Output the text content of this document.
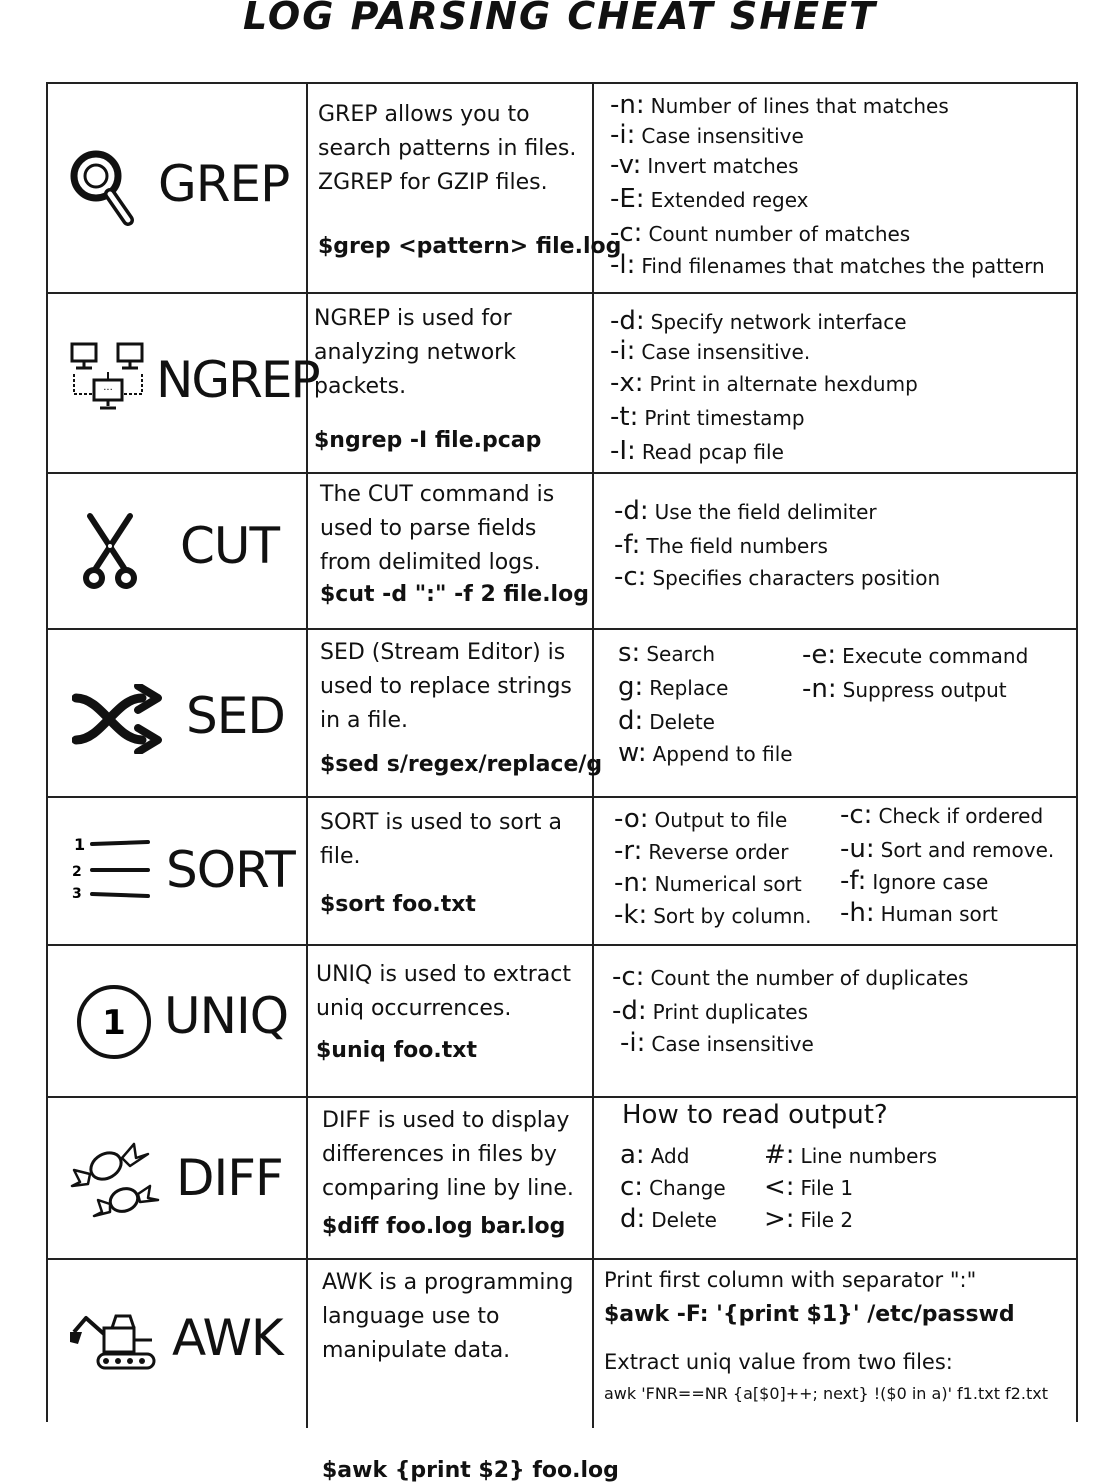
LOG PARSING CHEAT SHEET
GREP
GREP allows you to
search patterns in files.
ZGREP for GZIP files.
$grep <pattern> file.log
-n: Number of lines that matches
-i: Case insensitive
-v: Invert matches
-E: Extended regex
-c: Count number of matches
-l: Find filenames that matches the pattern
··· NGREP
NGREP is used for
analyzing network
packets.
$ngrep -I file.pcap
-d: Specify network interface
-i: Case insensitive.
-x: Print in alternate hexdump
-t: Print timestamp
-I: Read pcap file
CUT
The CUT command is
used to parse fields
from delimited logs.
$cut -d ":" -f 2 file.log
-d: Use the field delimiter
-f: The field numbers
-c: Specifies characters position
SED
SED (Stream Editor) is
used to replace strings
in a file.
$sed s/regex/replace/g
s: Search
g: Replace
d: Delete
w: Append to file
-e: Execute command
-n: Suppress output
1
2
3 SORT
SORT is used to sort a
file.
$sort foo.txt
-o: Output to file
-r: Reverse order
-n: Numerical sort
-k: Sort by column.
-c: Check if ordered
-u: Sort and remove.
-f: Ignore case
-h: Human sort
1 UNIQ
UNIQ is used to extract
uniq occurrences.
$uniq foo.txt
-c: Count the number of duplicates
-d: Print duplicates
-i: Case insensitive
DIFF
DIFF is used to display
differences in files by
comparing line by line.
$diff foo.log bar.log
How to read output?
a: Add
c: Change
d: Delete
#: Line numbers
<: File 1
>: File 2
AWK
AWK is a programming
language use to
manipulate data.
$awk {print $2} foo.log
Print first column with separator ":"
$awk -F: '{print $1}' /etc/passwd
Extract uniq value from two files:
awk 'FNR==NR {a[$0]++; next} !($0 in a)' f1.txt f2.txt
